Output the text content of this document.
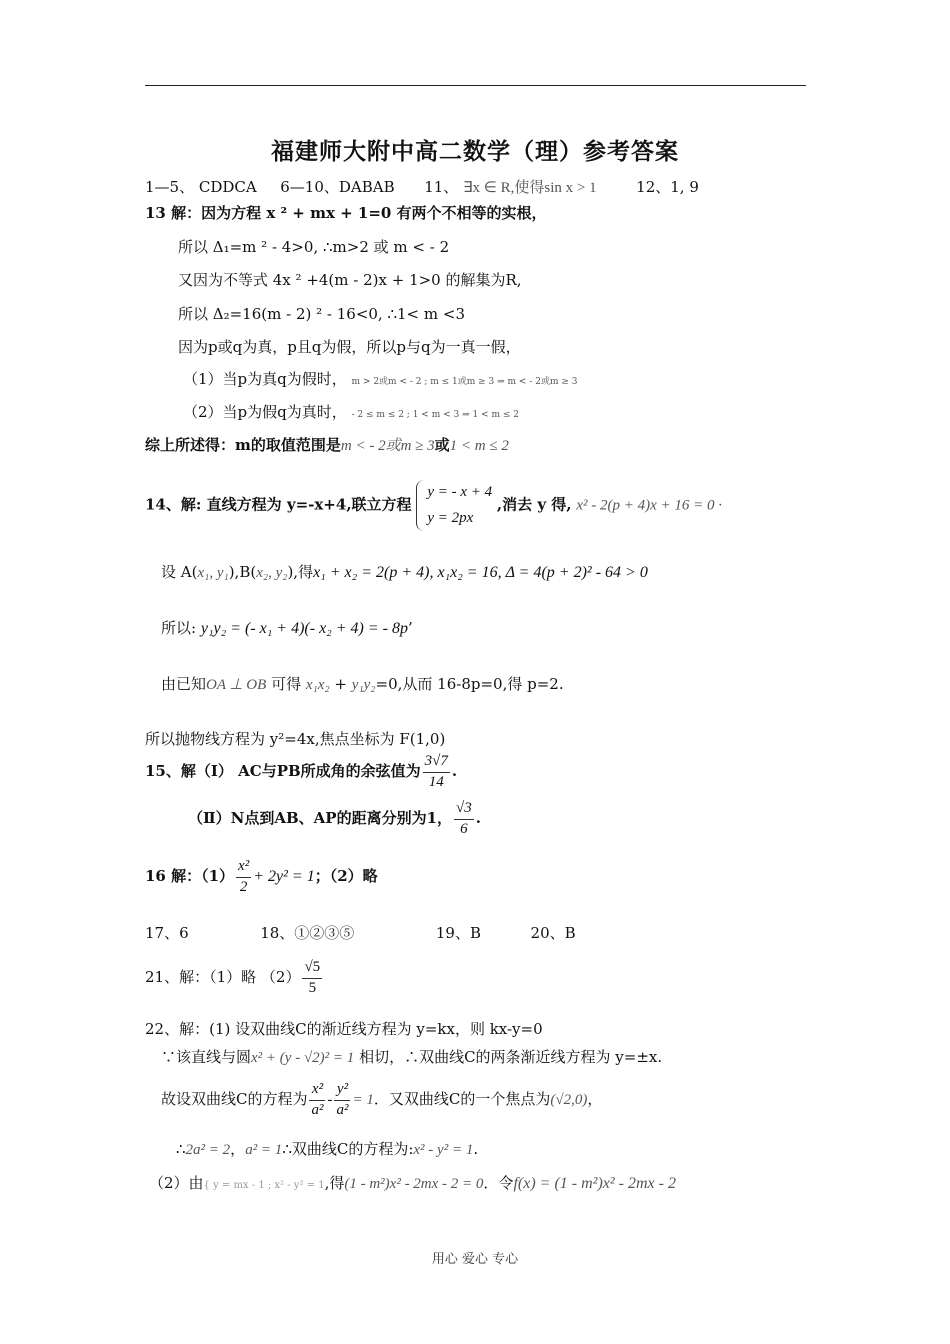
福建师大附中高二数学（理）参考答案
1—5、 CDDCA 6—10、DABAB 11、 ∃x ∈ R,使得sin x > 1	12、1, 9
13 解：因为方程 x ² + mx + 1=0 有两个不相等的实根，
所以 Δ₁=m ² - 4>0, ∴m>2 或 m < - 2
又因为不等式 4x ² +4(m - 2)x + 1>0 的解集为R,
所以 Δ₂=16(m - 2) ² - 16<0, ∴1< m <3
因为p或q为真，p且q为假，所以p与q为一真一假，
（1）当p为真q为假时， m > 2或m < - 2 ; m ≤ 1或m ≥ 3 ⇒ m < - 2或m ≥ 3
（2）当p为假q为真时， - 2 ≤ m ≤ 2 ; 1 < m < 3 ⇒ 1 < m ≤ 2
综上所述得：m的取值范围是m < - 2或m ≥ 3或1 < m ≤ 2
14、解: 直线方程为 y=-x+4,联立方程
y = - x + 4
y = 2px
,消去 y 得, x² - 2(p + 4)x + 16 = 0 ·
设 A(x₁, y₁),B(x₂, y₂),得x₁ + x₂ = 2(p + 4), x₁x₂ = 16, Δ = 4(p + 2)² - 64 > 0
所以: y₁y₂ = (- x₁ + 4)(- x₂ + 4) = - 8p’
由已知OA ⊥ OB 可得 x₁x₂ + y₁y₂=0,从而 16-8p=0,得 p=2.
所以抛物线方程为 y²=4x,焦点坐标为 F(1,0)
15、解（Ⅰ） AC与PB所成角的余弦值为 $\frac{3√7}{14}$ .
（Ⅱ）N点到AB、AP的距离分别为1， $\frac{√3}{6}$ .
16 解：$(1) \frac{\text{x²}}{2} + 2y^2 = 1$；（2）略
17、6	18、①②③⑤	19、B	20、B
21、解：（1）略 $(2) \frac{√5}{5}$
22、解：(1) 设双曲线C的渐近线方程为 y=kx，则 kx-y=0
∵该直线与圆x² + (y - √2)² = 1 相切，∴双曲线C的两条渐近线方程为 y=±x.
故设双曲线C的方程为 $\frac{\text{x²}}{\text{a²}} - \frac{\text{y²}}{\text{a²}} = 1$．又双曲线C的一个焦点为(√2,0)，
∴2a² = 2，a² = 1∴双曲线C的方程为:x² - y² = 1.
（2）由{ y = mx - 1 ; x² - y² = 1,得(1 - m²)x² - 2mx - 2 = 0．令f(x) = (1 - m²)x² - 2mx - 2
用心 爱心 专心
